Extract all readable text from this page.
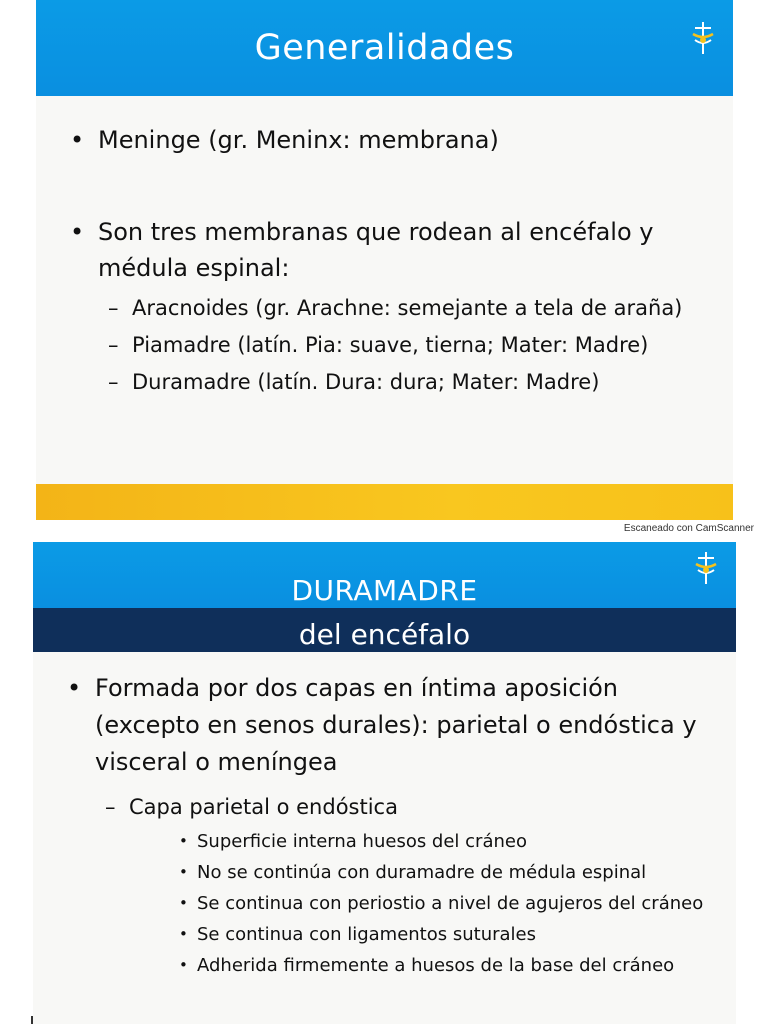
Generalidades
• Meninge (gr. Meninx: membrana)
• Son tres membranas que rodean al encéfalo y médula espinal:
– Aracnoides (gr. Arachne: semejante a tela de araña)
– Piamadre (latín. Pia: suave, tierna; Mater: Madre)
– Duramadre (latín. Dura: dura; Mater: Madre)
Escaneado con CamScanner
DURAMADRE
del encéfalo
• Formada por dos capas en íntima aposición (excepto en senos durales): parietal o endóstica y visceral o meníngea
– Capa parietal o endóstica
• Superficie interna huesos del cráneo
• No se continúa con duramadre de médula espinal
• Se continua con periostio a nivel de agujeros del cráneo
• Se continua con ligamentos suturales
• Adherida firmemente a huesos de la base del cráneo
